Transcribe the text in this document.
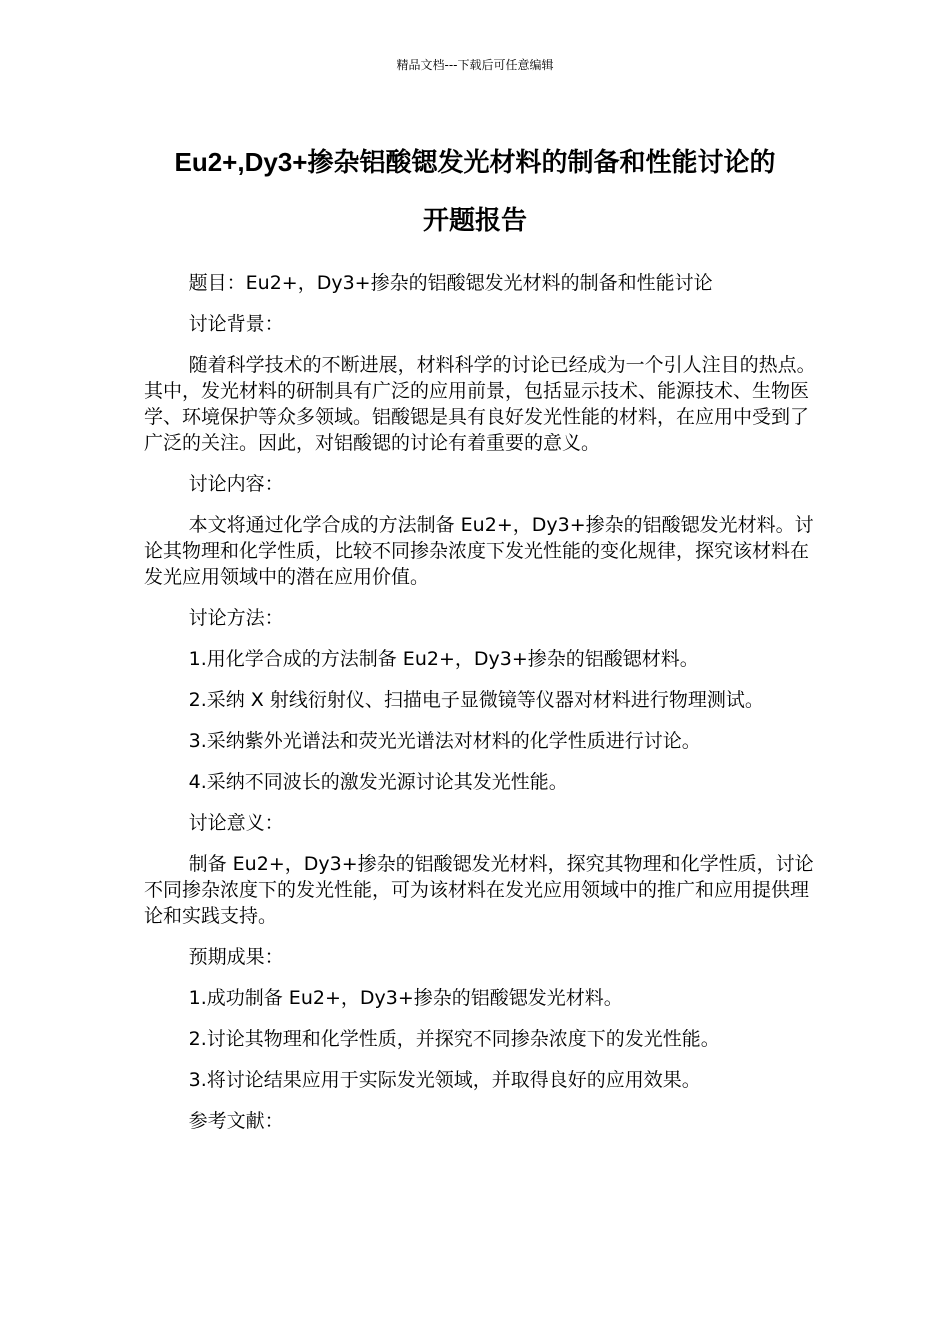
精品文档---下载后可任意编辑
Eu2+,Dy3+掺杂铝酸锶发光材料的制备和性能讨论的
开题报告

题目：Eu2+，Dy3+掺杂的铝酸锶发光材料的制备和性能讨论

讨论背景：

随着科学技术的不断进展，材料科学的讨论已经成为一个引人注目的热点。其中，发光材料的研制具有广泛的应用前景，包括显示技术、能源技术、生物医学、环境保护等众多领域。铝酸锶是具有良好发光性能的材料，在应用中受到了广泛的关注。因此，对铝酸锶的讨论有着重要的意义。

讨论内容：

本文将通过化学合成的方法制备 Eu2+，Dy3+掺杂的铝酸锶发光材料。讨论其物理和化学性质，比较不同掺杂浓度下发光性能的变化规律，探究该材料在发光应用领域中的潜在应用价值。

讨论方法：

1.用化学合成的方法制备 Eu2+，Dy3+掺杂的铝酸锶材料。

2.采纳 X 射线衍射仪、扫描电子显微镜等仪器对材料进行物理测试。

3.采纳紫外光谱法和荧光光谱法对材料的化学性质进行讨论。

4.采纳不同波长的激发光源讨论其发光性能。

讨论意义：

制备 Eu2+，Dy3+掺杂的铝酸锶发光材料，探究其物理和化学性质，讨论不同掺杂浓度下的发光性能，可为该材料在发光应用领域中的推广和应用提供理论和实践支持。

预期成果：

1.成功制备 Eu2+，Dy3+掺杂的铝酸锶发光材料。

2.讨论其物理和化学性质，并探究不同掺杂浓度下的发光性能。

3.将讨论结果应用于实际发光领域，并取得良好的应用效果。

参考文献：
